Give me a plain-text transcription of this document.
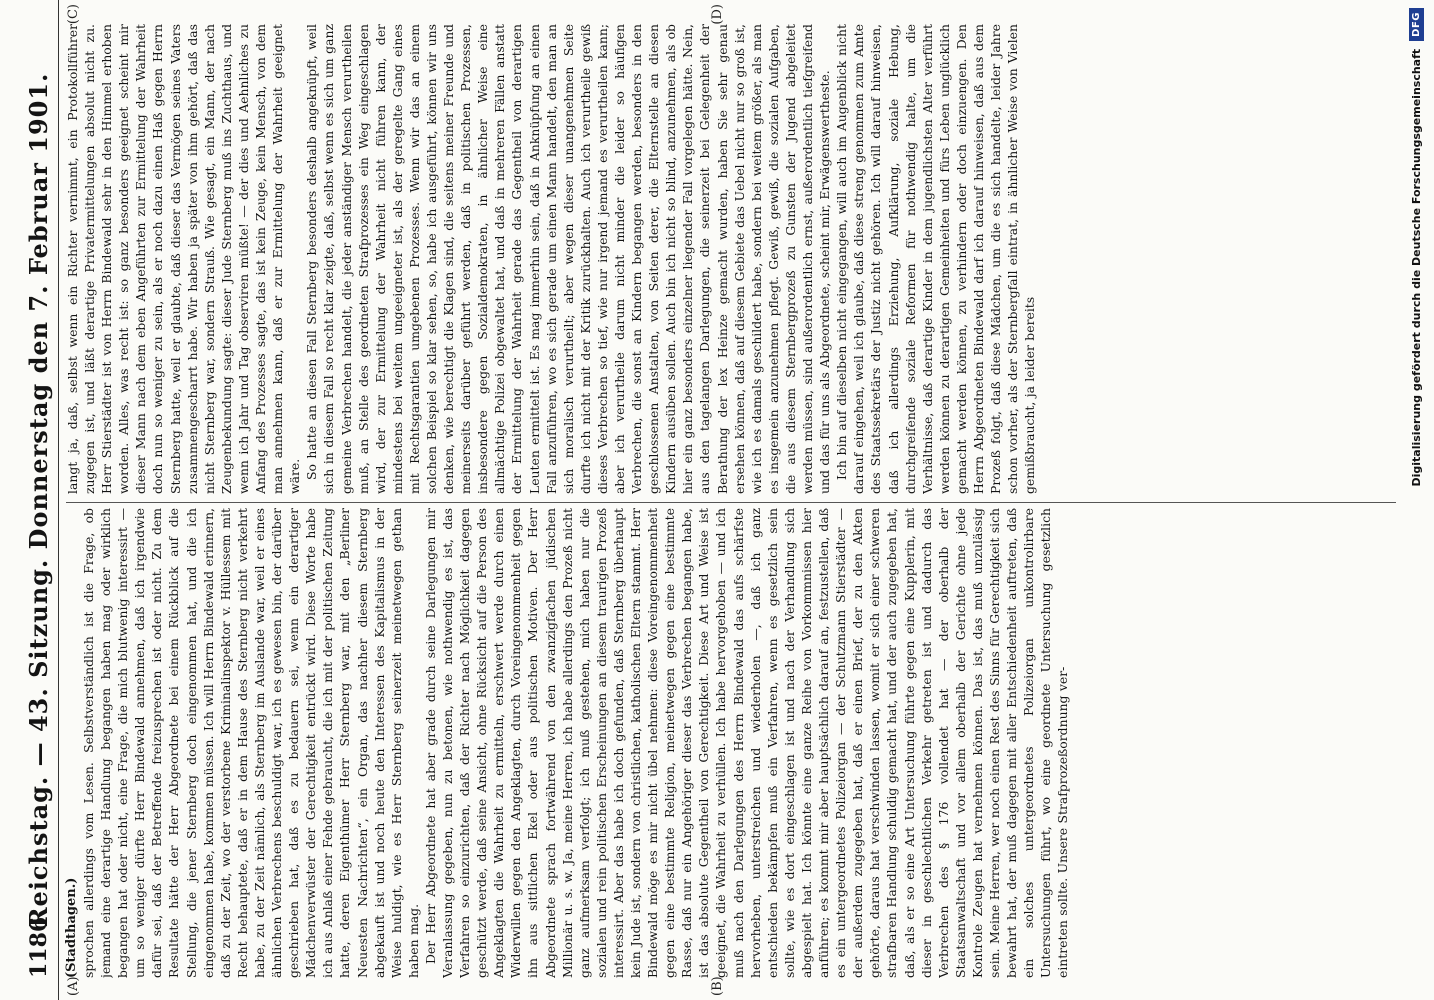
1186
Reichstag. — 43. Sitzung. Donnerstag den 7. Februar 1901.
(A)	(B)
(C)	(D)
(Stadthagen.) sprochen allerdings vom Lesen. Selbstverständlich ist die Frage, ob jemand eine derartige Handlung begangen haben mag oder wirklich begangen hat oder nicht, eine Frage, die mich blutwenig interessirt — um so weniger dürfte Herr Bindewald annehmen, daß ich irgendwie dafür sei, daß der Betreffende freizusprechen ist oder nicht. Zu dem Resultate hätte der Herr Abgeordnete bei einem Rückblick auf die Stellung, die jener Sternberg doch eingenommen hat, und die ich eingenommen habe, kommen müssen. Ich will Herrn Bindewald erinnern, daß zu der Zeit, wo der verstorbene Kriminalinspektor v. Hüllessem mit Recht behauptete, daß er in dem Hause des Sternberg nicht verkehrt habe, zu der Zeit nämlich, als Sternberg im Auslande war, weil er eines ähnlichen Verbrechens beschuldigt war, ich es gewesen bin, der darüber geschrieben hat, daß es zu bedauern sei, wenn ein derartiger Mädchenverwüster der Gerechtigkeit entrückt wird. Diese Worte habe ich aus Anlaß einer Fehde gebraucht, die ich mit der politischen Zeitung hatte, deren Eigenthümer Herr Sternberg war, mit den „Berliner Neuesten Nachrichten“, ein Organ, das nachher diesem Sternberg abgekauft ist und noch heute den Interessen des Kapitalismus in der Weise huldigt, wie es Herr Sternberg seinerzeit meinetwegen gethan haben mag. Der Herr Abgeordnete hat aber grade durch seine Darlegungen mir Veranlassung gegeben, nun zu betonen, wie nothwendig es ist, das Verfahren so einzurichten, daß der Richter nach Möglichkeit dagegen geschützt werde, daß seine Ansicht, ohne Rücksicht auf die Person des Angeklagten die Wahrheit zu ermitteln, erschwert werde durch einen Widerwillen gegen den Angeklagten, durch Voreingenommenheit gegen ihn aus sittlichen Ekel oder aus politischen Motiven. Der Herr Abgeordnete sprach fortwährend von den zwanzigfachen jüdischen Millionär u. s. w. Ja, meine Herren, ich habe allerdings den Prozeß nicht ganz aufmerksam verfolgt; ich muß gestehen, mich haben nur die sozialen und rein politischen Erscheinungen an diesem traurigen Prozeß interessirt. Aber das habe ich doch gefunden, daß Sternberg überhaupt kein Jude ist, sondern von christlichen, katholischen Eltern stammt. Herr Bindewald möge es mir nicht übel nehmen: diese Voreingenommenheit gegen eine bestimmte Religion, meinetwegen gegen eine bestimmte Rasse, daß nur ein Angehöriger dieser das Verbrechen begangen habe, ist das absolute Gegentheil von Gerechtigkeit. Diese Art und Weise ist geeignet, die Wahrheit zu verhüllen. Ich habe hervorgehoben — und ich muß nach den Darlegungen des Herrn Bindewald das aufs schärfste hervorheben, unterstreichen und wiederholen —, daß ich ganz entschieden bekämpfen muß ein Verfahren, wenn es gesetzlich sein sollte, wie es dort eingeschlagen ist und nach der Verhandlung sich abgespielt hat. Ich könnte eine ganze Reihe von Vorkommnissen hier anführen; es kommt mir aber hauptsächlich darauf an, festzustellen, daß es ein untergeordnetes Polizeiorgan — der Schutzmann Stierstädter — der außerdem zugegeben hat, daß er einen Brief, der zu den Akten gehörte, daraus hat verschwinden lassen, womit er sich einer schweren strafbaren Handlung schuldig gemacht hat, und der auch zugegeben hat, daß, als er so eine Art Untersuchung führte gegen eine Kupplerin, mit dieser in geschlechtlichen Verkehr getreten ist und dadurch das Verbrechen des § 176 vollendet hat — der oberhalb der Staatsanwaltschaft und vor allem oberhalb der Gerichte ohne jede Kontrole Zeugen hat vernehmen können. Das ist, das muß unzulässig sein. Meine Herren, wer noch einen Rest des Sinns für Gerechtigkeit sich bewahrt hat, der muß dagegen mit aller Entschiedenheit auftreten, daß ein solches untergeordnetes Polizeiorgan unkontrolirbare Untersuchungen führt, wo eine geordnete Untersuchung gesetzlich eintreten sollte. Unsere Strafprozeßordnung ver-

langt ja, daß, selbst wenn ein Richter vernimmt, ein Protokollführer zugegen ist, und läßt derartige Privatermittelungen absolut nicht zu. Herr Stierstädter ist von Herrn Bindewald sehr in den Himmel erhoben worden. Alles, was recht ist: so ganz besonders geeignet scheint mir dieser Mann nach dem eben Angeführten zur Ermittelung der Wahrheit doch nun so weniger zu sein, als er noch dazu einen Haß gegen Herrn Sternberg hatte, weil er glaubte, daß dieser das Vermögen seines Vaters zusammengescharrt habe. Wir haben ja später von ihm gehört, daß das nicht Sternberg war, sondern Strauß. Wie gesagt, ein Mann, der nach Zeugenbekundung sagte: dieser Jude Sternberg muß ins Zuchthaus, und wenn ich Jahr und Tag observiren müßte! — der dies und Aehnliches zu Anfang des Prozesses sagte, das ist kein Zeuge, kein Mensch, von dem man annehmen kann, daß er zur Ermittelung der Wahrheit geeignet wäre. So hatte an diesen Fall Sternberg besonders deshalb angeknüpft, weil sich in diesem Fall so recht klar zeigte, daß, selbst wenn es sich um ganz gemeine Verbrechen handelt, die jeder anständiger Mensch verurtheilen muß, an Stelle des geordneten Strafprozesses ein Weg eingeschlagen wird, der zur Ermittelung der Wahrheit nicht führen kann, der mindestens bei weitem ungeeigneter ist, als der geregelte Gang eines mit Rechtsgarantien umgebenen Prozesses. Wenn wir das an einem solchen Beispiel so klar sehen, so, habe ich ausgeführt, können wir uns denken, wie berechtigt die Klagen sind, die seitens meiner Freunde und meinerseits darüber geführt werden, daß in politischen Prozessen, insbesondere gegen Sozialdemokraten, in ähnlicher Weise eine allmächtige Polizei obgewaltet hat, und daß in mehreren Fällen anstatt der Ermittelung der Wahrheit gerade das Gegentheil von derartigen Leuten ermittelt ist. Es mag immerhin sein, daß in Anknüpfung an einen Fall anzuführen, wo es sich gerade um einen Mann handelt, den man an sich moralisch verurtheilt; aber wegen dieser unangenehmen Seite durfte ich nicht mit der Kritik zurückhalten. Auch ich verurtheile gewiß dieses Verbrechen so tief, wie nur irgend jemand es verurtheilen kann; aber ich verurtheile darum nicht minder die leider so häufigen Verbrechen, die sonst an Kindern begangen werden, besonders in den geschlossenen Anstalten, von Seiten derer, die Elternstelle an diesen Kindern ausüben sollen. Auch bin ich nicht so blind, anzunehmen, als ob hier ein ganz besonders einzelner liegender Fall vorgelegen hätte. Nein, aus den tagelangen Darlegungen, die seinerzeit bei Gelegenheit der Berathung der lex Heinze gemacht wurden, haben Sie sehr genau ersehen können, daß auf diesem Gebiete das Uebel nicht nur so groß ist, wie ich es damals geschildert habe, sondern bei weitem größer, als man es insgemein anzunehmen pflegt. Gewiß, gewiß, die sozialen Aufgaben, die aus diesem Sternbergprozeß zu Gunsten der Jugend abgeleitet werden müssen, sind außerordentlich ernst, außerordentlich tiefgreifend und das für uns als Abgeordnete, scheint mir, Erwägenswertheste. Ich bin auf dieselben nicht eingegangen, will auch im Augenblick nicht darauf eingehen, weil ich glaube, daß diese streng genommen zum Amte des Staatssekretärs der Justiz nicht gehören. Ich will darauf hinweisen, daß ich allerdings Erziehung, Aufklärung, soziale Hebung, durchgreifende soziale Reformen für nothwendig halte, um die Verhältnisse, daß derartige Kinder in dem jugendlichsten Alter verführt werden können zu derartigen Gemeinheiten und fürs Leben unglücklich gemacht werden können, zu verhindern oder doch einzuengen. Den Herrn Abgeordneten Bindewald darf ich darauf hinweisen, daß aus dem Prozeß folgt, daß diese Mädchen, um die es sich handelte, leider Jahre schon vorher, als der Sternbergfall eintrat, in ähnlicher Weise von Vielen gemißbraucht, ja leider bereits	Digitalisierung gefördert durch die Deutsche Forschungsgemeinschaft
DFG
